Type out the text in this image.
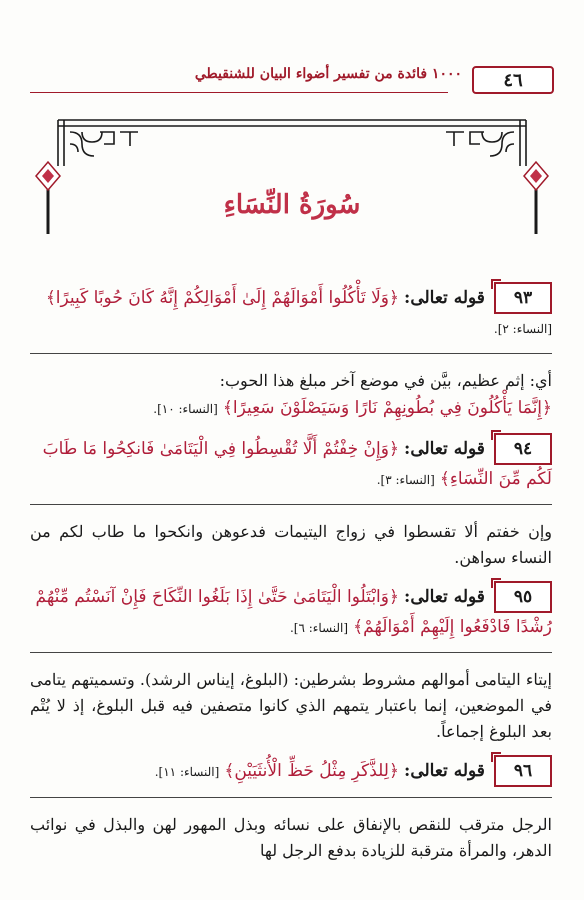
٤٦
١٠٠٠ فائدة من تفسير أضواء البيان للشنقيطي
سُورَةُ النِّسَاءِ
٩٣ قوله تعالى: ﴿وَلَا تَأْكُلُوا أَمْوَالَهُمْ إِلَىٰ أَمْوَالِكُمْ إِنَّهُ كَانَ حُوبًا كَبِيرًا﴾ [النساء: ٢].

أي: إثم عظيم، بيَّن في موضع آخر مبلغ هذا الحوب:

﴿إِنَّمَا يَأْكُلُونَ فِي بُطُونِهِمْ نَارًا وَسَيَصْلَوْنَ سَعِيرًا﴾ [النساء: ١٠].
٩٤ قوله تعالى: ﴿وَإِنْ خِفْتُمْ أَلَّا تُقْسِطُوا فِي الْيَتَامَىٰ فَانكِحُوا مَا طَابَ لَكُم مِّنَ النِّسَاءِ﴾ [النساء: ٣].

وإن خفتم ألا تقسطوا في زواج اليتيمات فدعوهن وانكحوا ما طاب لكم من النساء سواهن.

٩٥ قوله تعالى: ﴿وَابْتَلُوا الْيَتَامَىٰ حَتَّىٰ إِذَا بَلَغُوا النِّكَاحَ فَإِنْ آنَسْتُم مِّنْهُمْ رُشْدًا فَادْفَعُوا إِلَيْهِمْ أَمْوَالَهُمْ﴾ [النساء: ٦].

إيتاء اليتامى أموالهم مشروط بشرطين: (البلوغ، إيناس الرشد). وتسميتهم يتامى في الموضعين، إنما باعتبار يتمهم الذي كانوا متصفين فيه قبل البلوغ، إذ لا يُتْم بعد البلوغ إجماعاً.

٩٦ قوله تعالى: ﴿لِلذَّكَرِ مِثْلُ حَظِّ الْأُنثَيَيْنِ﴾ [النساء: ١١].

الرجل مترقب للنقص بالإنفاق على نسائه وبذل المهور لهن والبذل في نوائب الدهر، والمرأة مترقبة للزيادة بدفع الرجل لها
